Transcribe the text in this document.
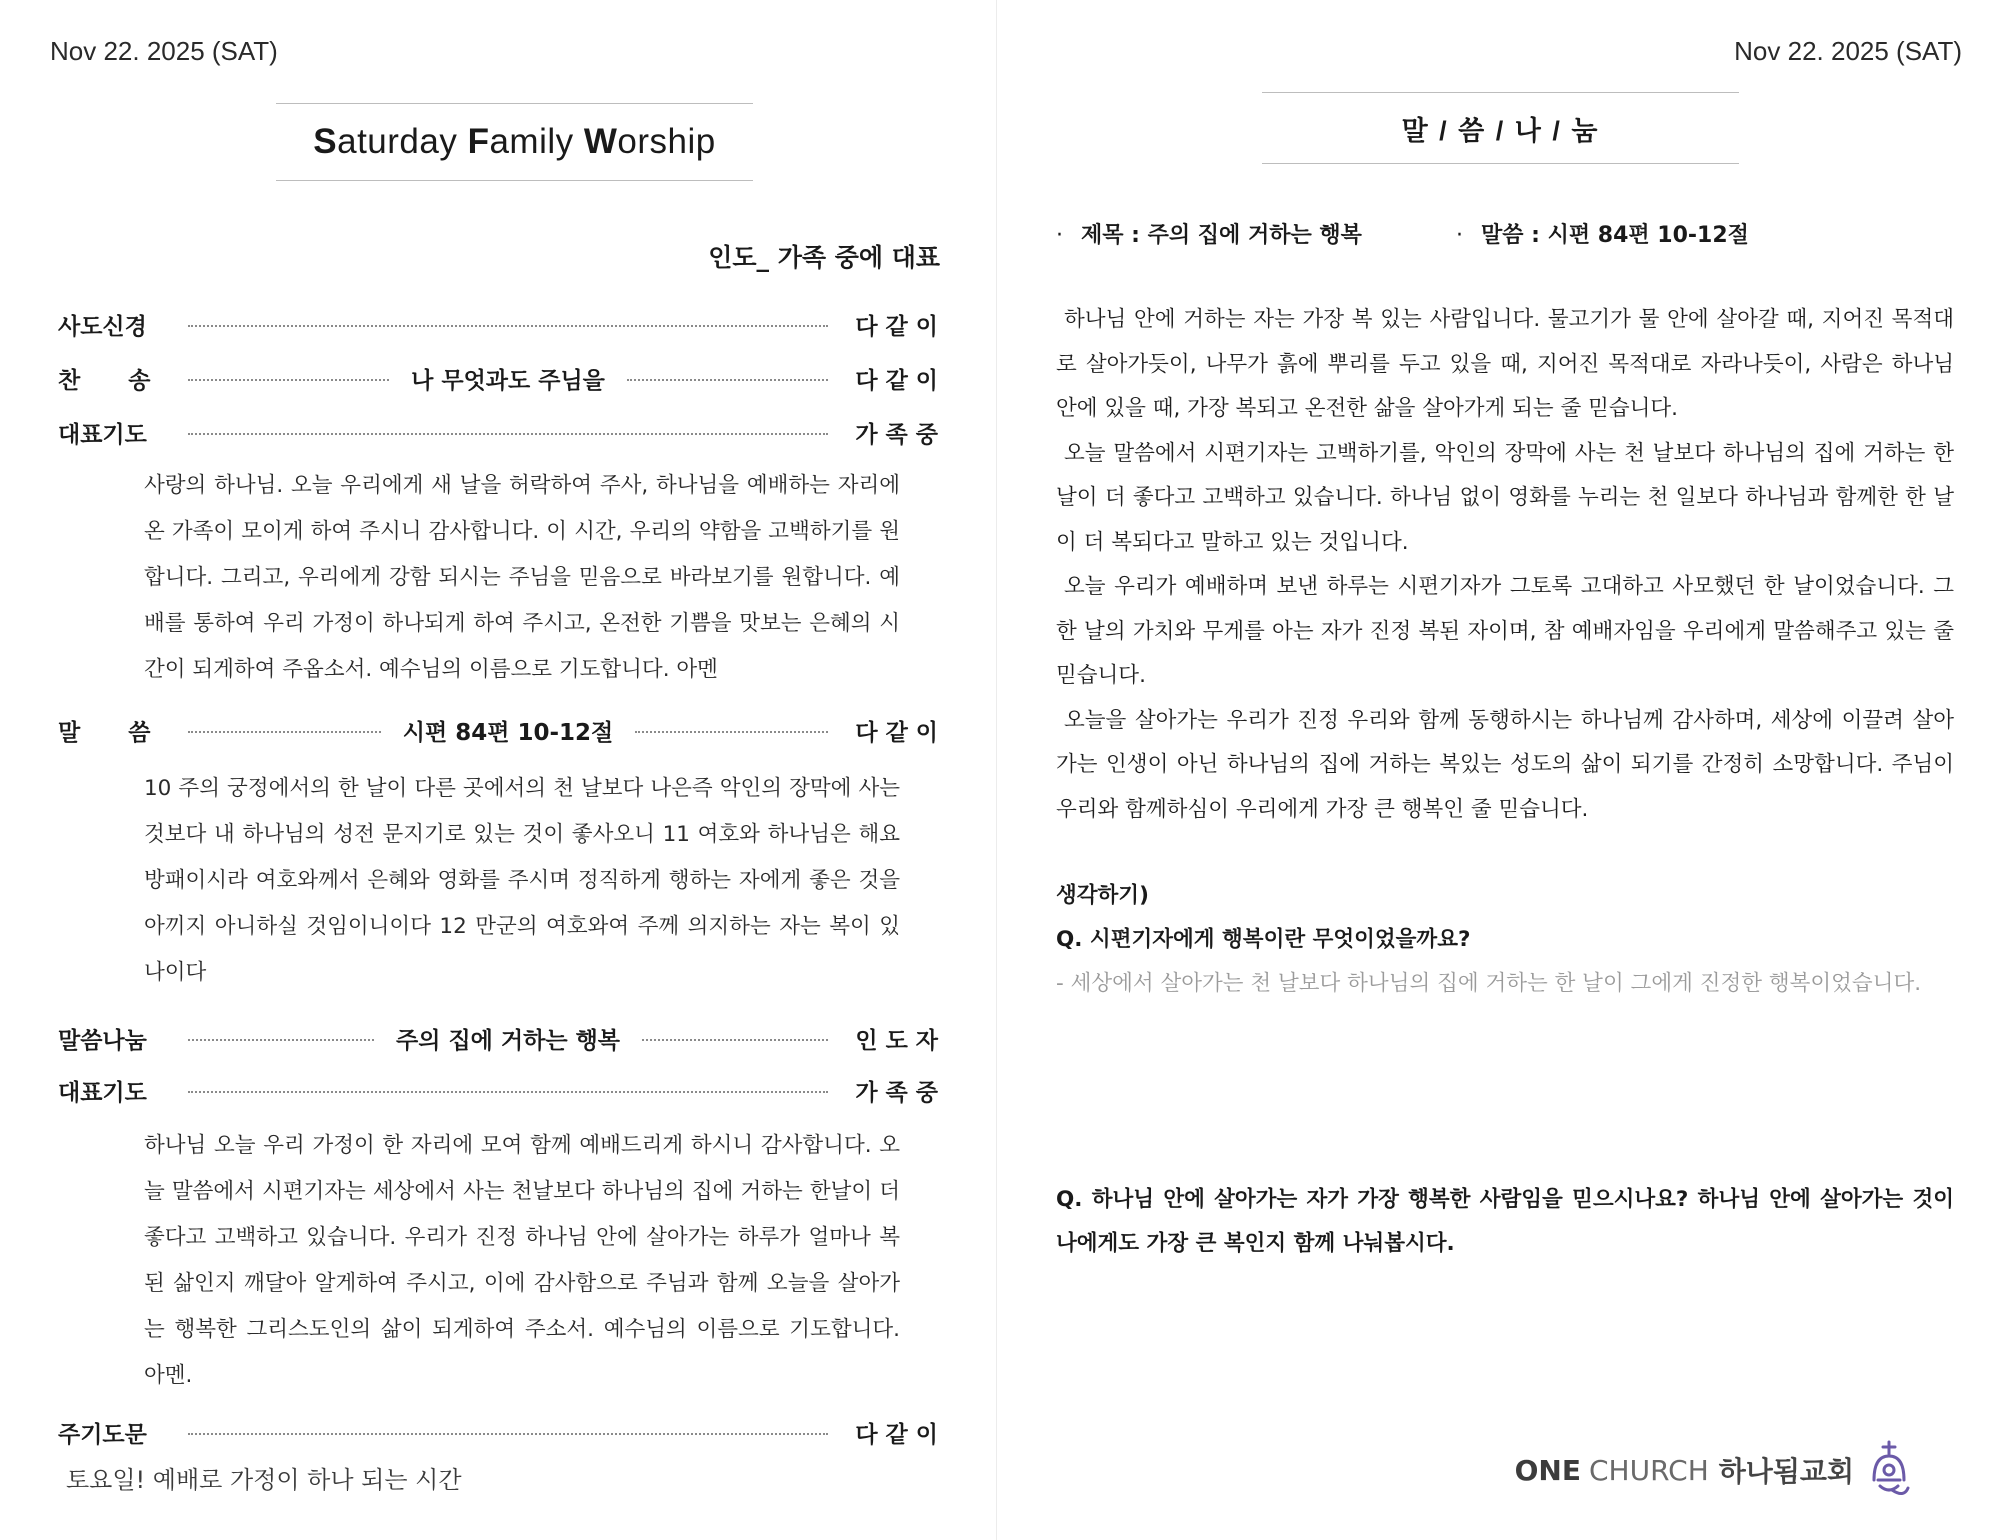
Nov 22. 2025 (SAT)
Saturday Family Worship
인도_ 가족 중에 대표
사도신경	다 같 이
찬      송	나 무엇과도 주님을	다 같 이
대표기도	가 족 중

사랑의 하나님. 오늘 우리에게 새 날을 허락하여 주사, 하나님을 예배하는 자리에 온 가족이 모이게 하여 주시니 감사합니다. 이 시간, 우리의 약함을 고백하기를 원합니다. 그리고, 우리에게 강함 되시는 주님을 믿음으로 바라보기를 원합니다. 예배를 통하여 우리 가정이 하나되게 하여 주시고, 온전한 기쁨을 맛보는 은혜의 시간이 되게하여 주옵소서. 예수님의 이름으로 기도합니다. 아멘

말      씀	시편 84편 10-12절	다 같 이

10 주의 궁정에서의 한 날이 다른 곳에서의 천 날보다 나은즉 악인의 장막에 사는 것보다 내 하나님의 성전 문지기로 있는 것이 좋사오니 11 여호와 하나님은 해요 방패이시라 여호와께서 은혜와 영화를 주시며 정직하게 행하는 자에게 좋은 것을 아끼지 아니하실 것임이니이다 12 만군의 여호와여 주께 의지하는 자는 복이 있나이다

말씀나눔	주의 집에 거하는 행복	인 도 자
대표기도	가 족 중

하나님 오늘 우리 가정이 한 자리에 모여 함께 예배드리게 하시니 감사합니다. 오늘 말씀에서 시편기자는 세상에서 사는 천날보다 하나님의 집에 거하는 한날이 더 좋다고 고백하고 있습니다. 우리가 진정 하나님 안에 살아가는 하루가 얼마나 복된 삶인지 깨달아 알게하여 주시고, 이에 감사함으로 주님과 함께 오늘을 살아가는 행복한 그리스도인의 삶이 되게하여 주소서. 예수님의 이름으로 기도합니다. 아멘.

주기도문	다 같 이
토요일! 예배로 가정이 하나 되는 시간
Nov 22. 2025 (SAT)
말 / 씀 / 나 / 눔
· 제목 : 주의 집에 거하는 행복	· 말씀 : 시편 84편 10-12절

하나님 안에 거하는 자는 가장 복 있는 사람입니다. 물고기가 물 안에 살아갈 때, 지어진 목적대로 살아가듯이, 나무가 흙에 뿌리를 두고 있을 때, 지어진 목적대로 자라나듯이, 사람은 하나님 안에 있을 때, 가장 복되고 온전한 삶을 살아가게 되는 줄 믿습니다.

오늘 말씀에서 시편기자는 고백하기를, 악인의 장막에 사는 천 날보다 하나님의 집에 거하는 한 날이 더 좋다고 고백하고 있습니다. 하나님 없이 영화를 누리는 천 일보다 하나님과 함께한 한 날이 더 복되다고 말하고 있는 것입니다.

오늘 우리가 예배하며 보낸 하루는 시편기자가 그토록 고대하고 사모했던 한 날이었습니다. 그 한 날의 가치와 무게를 아는 자가 진정 복된 자이며, 참 예배자임을 우리에게 말씀해주고 있는 줄 믿습니다.

오늘을 살아가는 우리가 진정 우리와 함께 동행하시는 하나님께 감사하며, 세상에 이끌려 살아가는 인생이 아닌 하나님의 집에 거하는 복있는 성도의 삶이 되기를 간정히 소망합니다. 주님이 우리와 함께하심이 우리에게 가장 큰 행복인 줄 믿습니다.

생각하기)
Q. 시편기자에게 행복이란 무엇이었을까요?
- 세상에서 살아가는 천 날보다 하나님의 집에 거하는 한 날이 그에게 진정한 행복이었습니다.
Q. 하나님 안에 살아가는 자가 가장 행복한 사람임을 믿으시나요? 하나님 안에 살아가는 것이 나에게도 가장 큰 복인지 함께 나눠봅시다.
ONE CHURCH 하나됨교회
